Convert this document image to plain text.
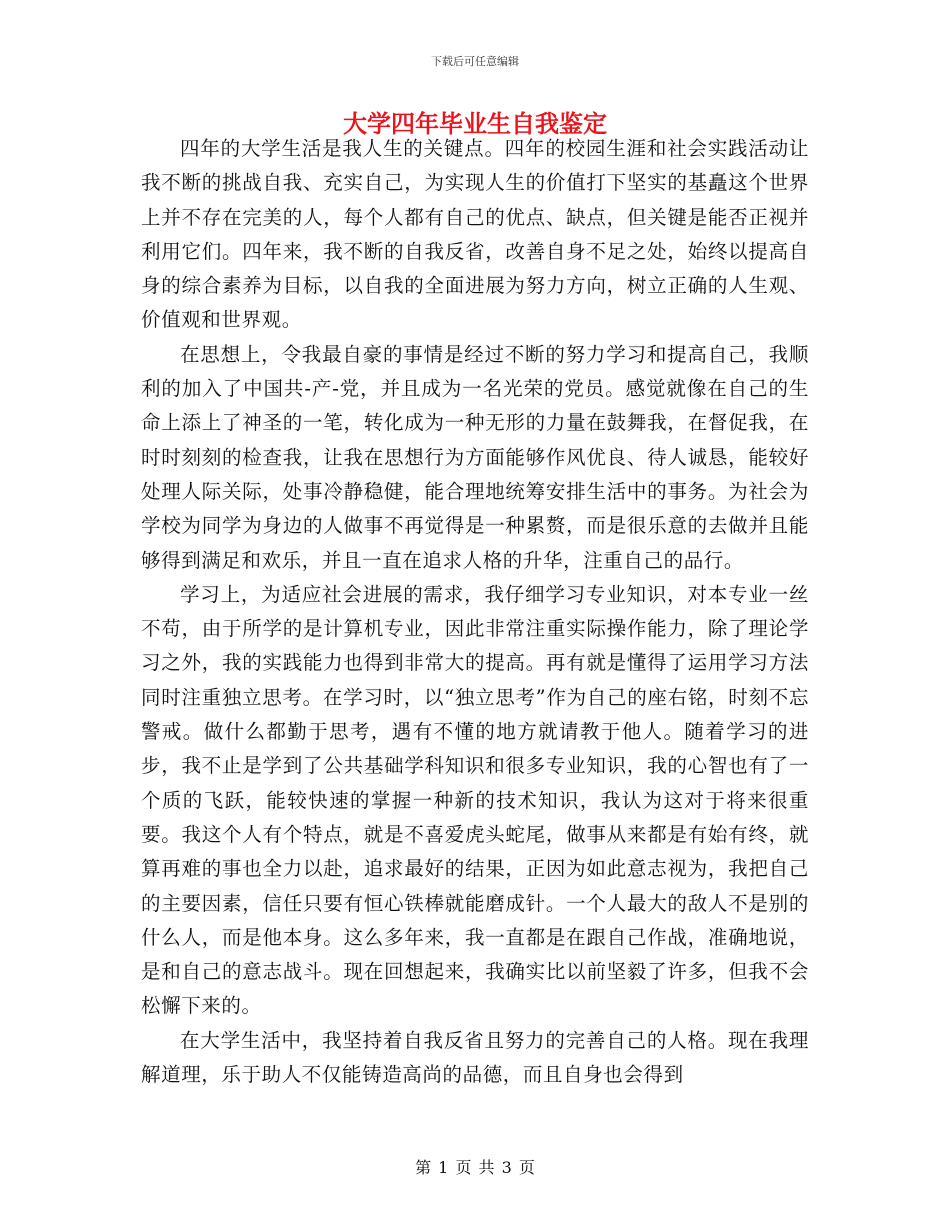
下载后可任意编辑
大学四年毕业生自我鉴定

四年的大学生活是我人生的关键点。四年的校园生涯和社会实践活动让我不断的挑战自我、充实自己，为实现人生的价值打下坚实的基矗这个世界上并不存在完美的人，每个人都有自己的优点、缺点，但关键是能否正视并利用它们。四年来，我不断的自我反省，改善自身不足之处，始终以提高自身的综合素养为目标，以自我的全面进展为努力方向，树立正确的人生观、价值观和世界观。

在思想上，令我最自豪的事情是经过不断的努力学习和提高自己，我顺利的加入了中国共-产-党，并且成为一名光荣的党员。感觉就像在自己的生命上添上了神圣的一笔，转化成为一种无形的力量在鼓舞我，在督促我，在时时刻刻的检查我，让我在思想行为方面能够作风优良、待人诚恳，能较好处理人际关际，处事冷静稳健，能合理地统筹安排生活中的事务。为社会为学校为同学为身边的人做事不再觉得是一种累赘，而是很乐意的去做并且能够得到满足和欢乐，并且一直在追求人格的升华，注重自己的品行。

学习上，为适应社会进展的需求，我仔细学习专业知识，对本专业一丝不苟，由于所学的是计算机专业，因此非常注重实际操作能力，除了理论学习之外，我的实践能力也得到非常大的提高。再有就是懂得了运用学习方法同时注重独立思考。在学习时，以“独立思考”作为自己的座右铭，时刻不忘警戒。做什么都勤于思考，遇有不懂的地方就请教于他人。随着学习的进步，我不止是学到了公共基础学科知识和很多专业知识，我的心智也有了一个质的飞跃，能较快速的掌握一种新的技术知识，我认为这对于将来很重要。我这个人有个特点，就是不喜爱虎头蛇尾，做事从来都是有始有终，就算再难的事也全力以赴，追求最好的结果，正因为如此意志视为，我把自己的主要因素，信任只要有恒心铁棒就能磨成针。一个人最大的敌人不是别的什么人，而是他本身。这么多年来，我一直都是在跟自己作战，准确地说，是和自己的意志战斗。现在回想起来，我确实比以前坚毅了许多，但我不会松懈下来的。

在大学生活中，我坚持着自我反省且努力的完善自己的人格。现在我理解道理，乐于助人不仅能铸造高尚的品德，而且自身也会得到

第 1 页 共 3 页
